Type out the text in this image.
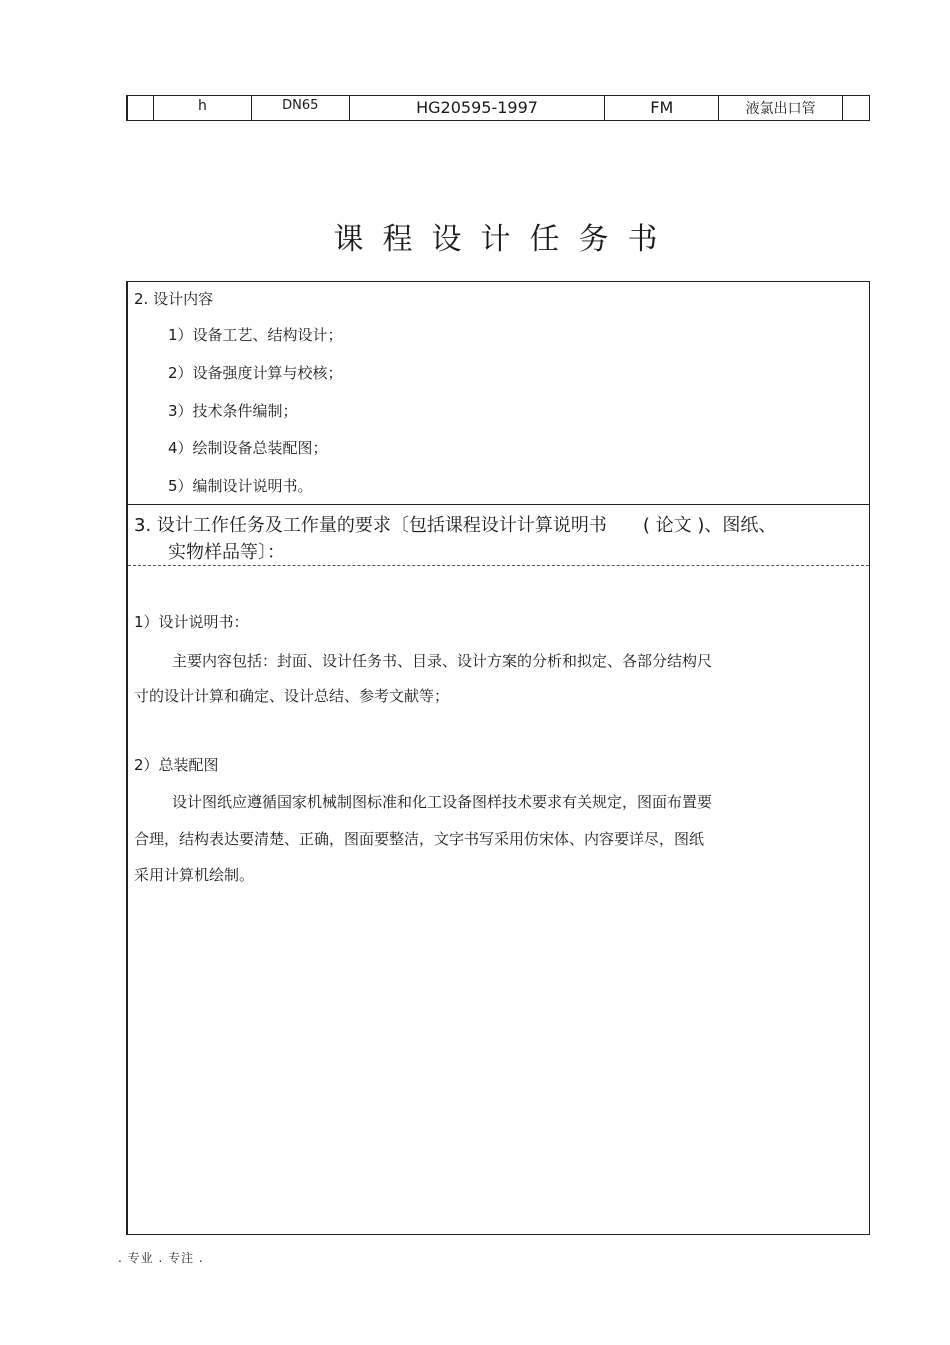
h	DN65	HG20595-1997	FM	液氯出口管
课程设计任务书
2. 设计内容
1）设备工艺、结构设计；
2）设备强度计算与校核；
3）技术条件编制；
4）绘制设备总装配图；
5）编制设计说明书。
3. 设计工作任务及工作量的要求〔包括课程设计计算说明书　　( 论文 )、图纸、
实物样品等〕：
1）设计说明书：
主要内容包括：封面、设计任务书、目录、设计方案的分析和拟定、各部分结构尺
寸的设计计算和确定、设计总结、参考文献等；
2）总装配图
设计图纸应遵循国家机械制图标准和化工设备图样技术要求有关规定，图面布置要
合理，结构表达要清楚、正确，图面要整洁，文字书写采用仿宋体、内容要详尽，图纸
采用计算机绘制。
. 专业 . 专注 .
